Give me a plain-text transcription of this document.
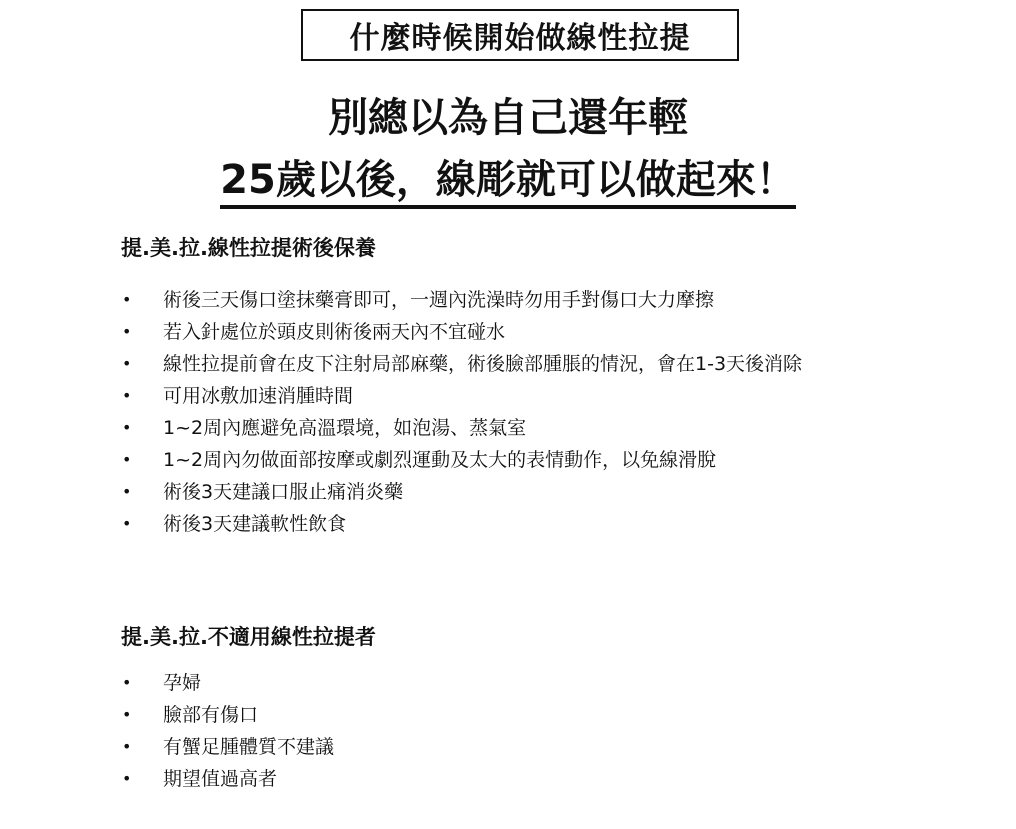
什麼時候開始做線性拉提
別總以為自己還年輕
25歲以後，線彫就可以做起來！
提.美.拉.線性拉提術後保養
• 術後三天傷口塗抹藥膏即可，一週內洗澡時勿用手對傷口大力摩擦
• 若入針處位於頭皮則術後兩天內不宜碰水
• 線性拉提前會在皮下注射局部麻藥，術後臉部腫脹的情況，會在1-3天後消除
• 可用冰敷加速消腫時間
• 1~2周內應避免高溫環境，如泡湯、蒸氣室
• 1~2周內勿做面部按摩或劇烈運動及太大的表情動作，以免線滑脫
• 術後3天建議口服止痛消炎藥
• 術後3天建議軟性飲食
提.美.拉.不適用線性拉提者
• 孕婦
• 臉部有傷口
• 有蟹足腫體質不建議
• 期望值過高者
